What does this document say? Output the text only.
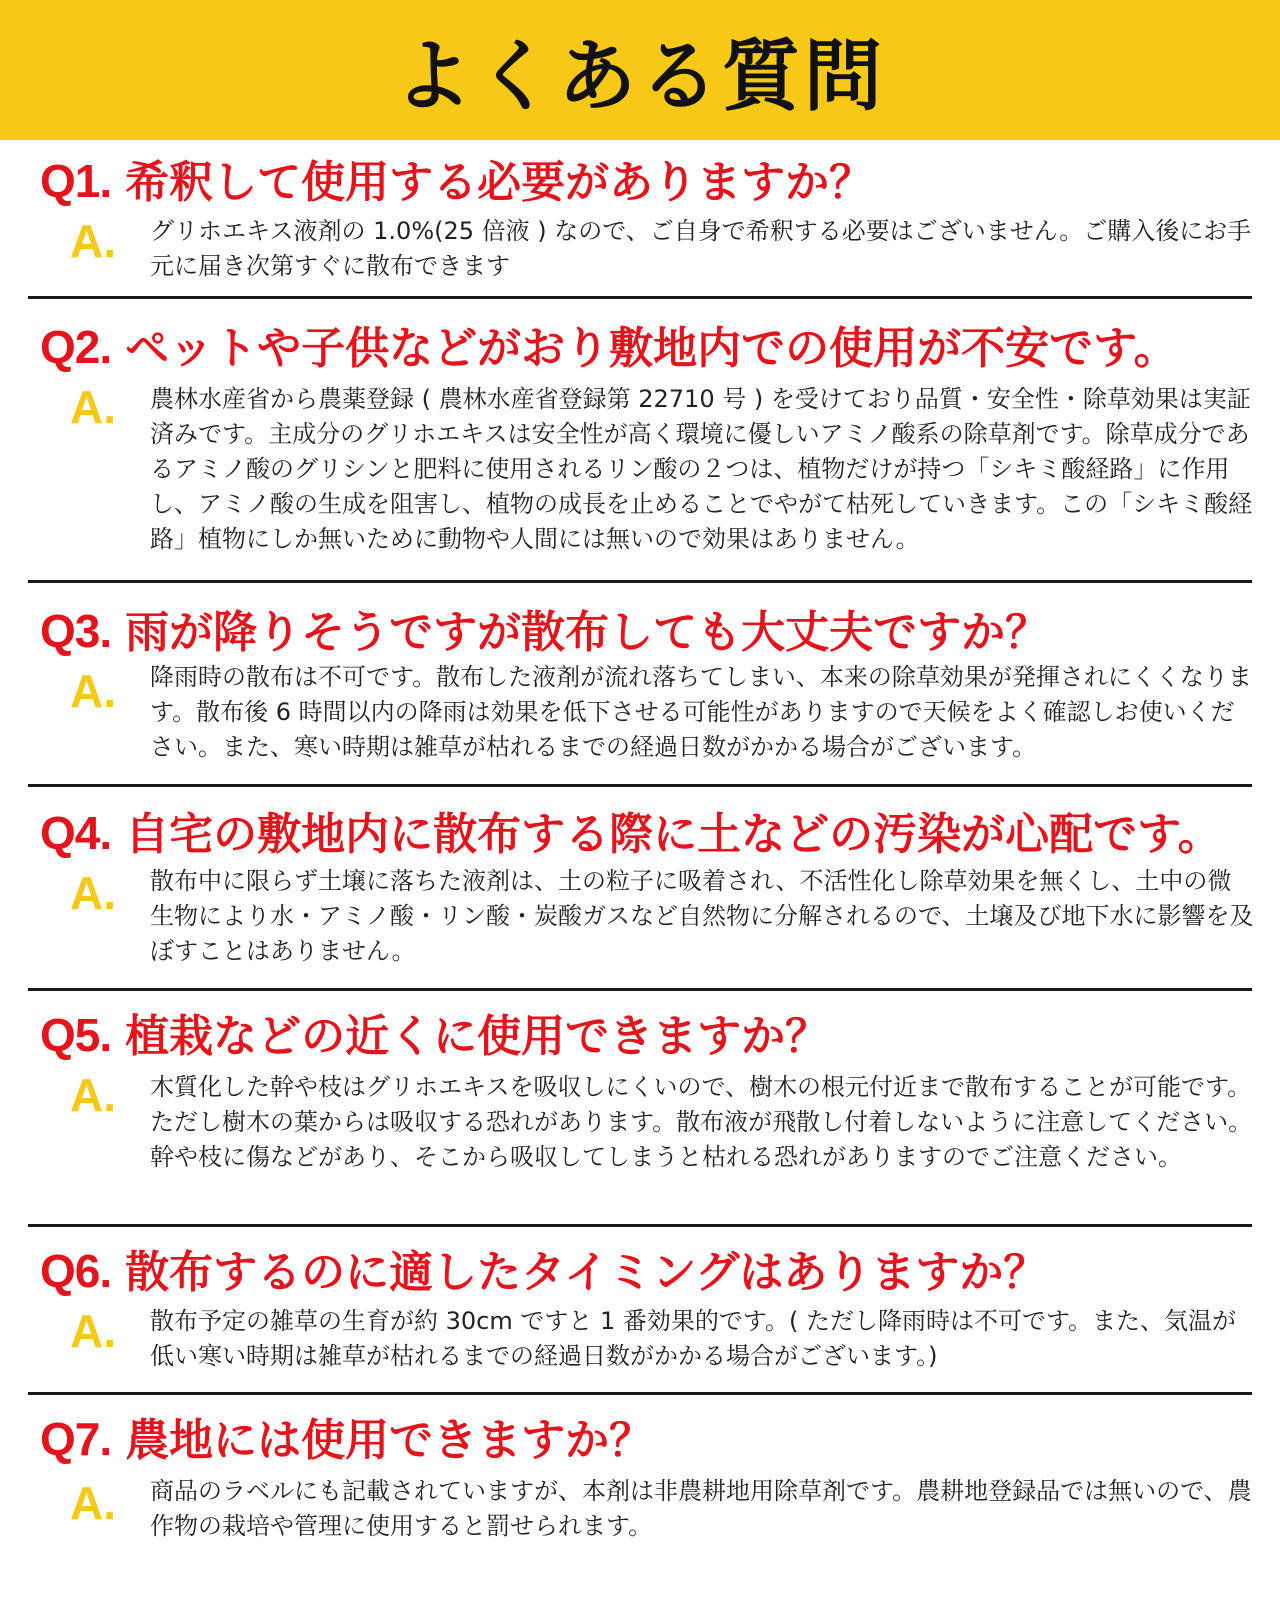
よくある質問
Q1. 希釈して使用する必要がありますか？
A. グリホエキス液剤の 1.0%(25 倍液 ) なので、ご自身で希釈する必要はございません。ご購入後にお手元に届き次第すぐに散布できます

Q2. ペットや子供などがおり敷地内での使用が不安です。
A. 農林水産省から農薬登録 ( 農林水産省登録第 22710 号 ) を受けており品質・安全性・除草効果は実証済みです。主成分のグリホエキスは安全性が高く環境に優しいアミノ酸系の除草剤です。除草成分であるアミノ酸のグリシンと肥料に使用されるリン酸の２つは、植物だけが持つ「シキミ酸経路」に作用し、アミノ酸の生成を阻害し、植物の成長を止めることでやがて枯死していきます。この「シキミ酸経路」植物にしか無いために動物や人間には無いので効果はありません。

Q3. 雨が降りそうですが散布しても大丈夫ですか？
A. 降雨時の散布は不可です。散布した液剤が流れ落ちてしまい、本来の除草効果が発揮されにくくなります。散布後 6 時間以内の降雨は効果を低下させる可能性がありますので天候をよく確認しお使いください。また、寒い時期は雑草が枯れるまでの経過日数がかかる場合がございます。

Q4. 自宅の敷地内に散布する際に土などの汚染が心配です。
A. 散布中に限らず土壌に落ちた液剤は、土の粒子に吸着され、不活性化し除草効果を無くし、土中の微生物により水・アミノ酸・リン酸・炭酸ガスなど自然物に分解されるので、土壌及び地下水に影響を及ぼすことはありません。

Q5. 植栽などの近くに使用できますか？
A. 木質化した幹や枝はグリホエキスを吸収しにくいので、樹木の根元付近まで散布することが可能です。ただし樹木の葉からは吸収する恐れがあります。散布液が飛散し付着しないように注意してください。幹や枝に傷などがあり、そこから吸収してしまうと枯れる恐れがありますのでご注意ください。

Q6. 散布するのに適したタイミングはありますか？
A. 散布予定の雑草の生育が約 30cm ですと 1 番効果的です。( ただし降雨時は不可です。また、気温が低い寒い時期は雑草が枯れるまでの経過日数がかかる場合がございます。)

Q7. 農地には使用できますか？
A. 商品のラベルにも記載されていますが、本剤は非農耕地用除草剤です。農耕地登録品では無いので、農作物の栽培や管理に使用すると罰せられます。
